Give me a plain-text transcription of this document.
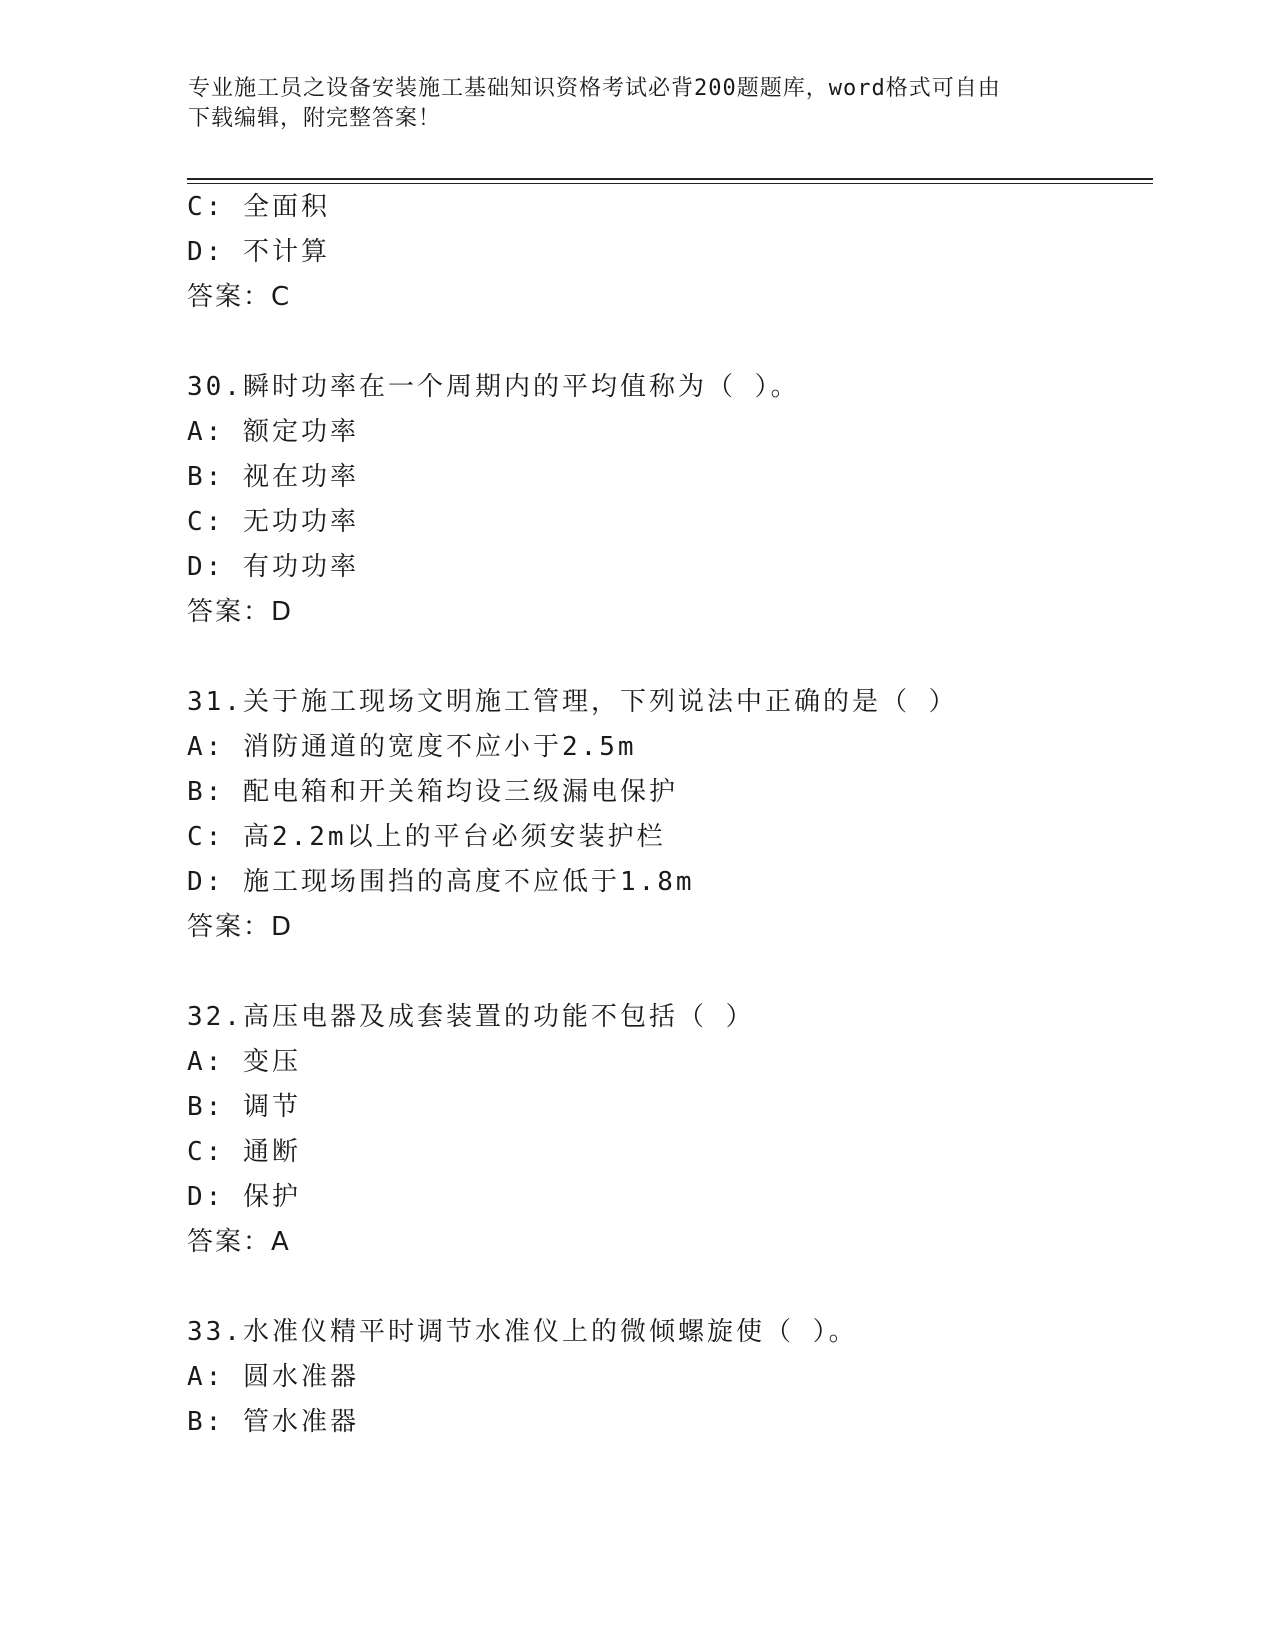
专业施工员之设备安装施工基础知识资格考试必背200题题库，word格式可自由
下载编辑，附完整答案！
C: 全面积
D: 不计算
答案：C
30.瞬时功率在一个周期内的平均值称为（ ）。
A: 额定功率
B: 视在功率
C: 无功功率
D: 有功功率
答案：D
31.关于施工现场文明施工管理，下列说法中正确的是（ ）
A: 消防通道的宽度不应小于2.5m
B: 配电箱和开关箱均设三级漏电保护
C: 高2.2m以上的平台必须安装护栏
D: 施工现场围挡的高度不应低于1.8m
答案：D
32.高压电器及成套装置的功能不包括（ ）
A: 变压
B: 调节
C: 通断
D: 保护
答案：A
33.水准仪精平时调节水准仪上的微倾螺旋使（ ）。
A: 圆水准器
B: 管水准器
